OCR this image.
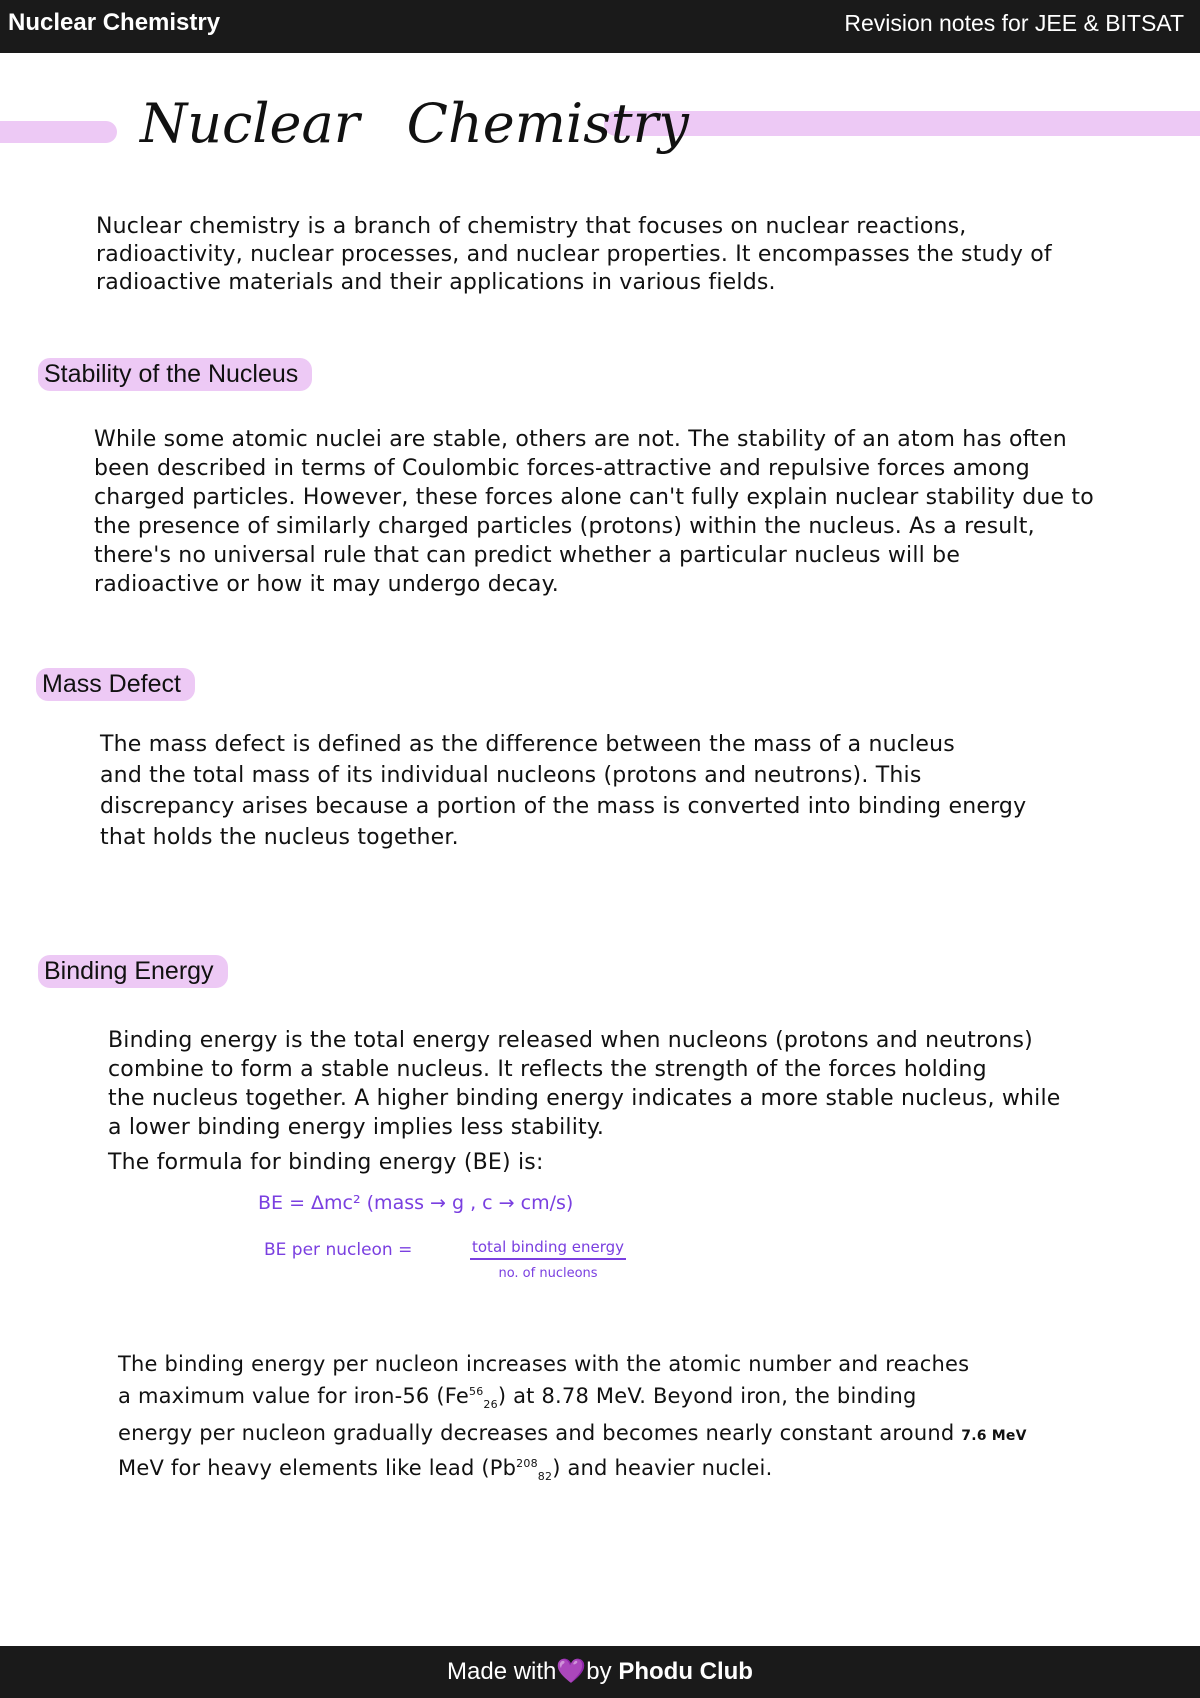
Nuclear Chemistry	Revision notes for JEE & BITSAT
Nuclear Chemistry
Nuclear chemistry is a branch of chemistry that focuses on nuclear reactions,
radioactivity, nuclear processes, and nuclear properties. It encompasses the study of
radioactive materials and their applications in various fields.
Stability of the Nucleus
While some atomic nuclei are stable, others are not. The stability of an atom has often
been described in terms of Coulombic forces-attractive and repulsive forces among
charged particles. However, these forces alone can't fully explain nuclear stability due to
the presence of similarly charged particles (protons) within the nucleus. As a result,
there's no universal rule that can predict whether a particular nucleus will be
radioactive or how it may undergo decay.
Mass Defect
The mass defect is defined as the difference between the mass of a nucleus
and the total mass of its individual nucleons (protons and neutrons). This
discrepancy arises because a portion of the mass is converted into binding energy
that holds the nucleus together.
Binding Energy
Binding energy is the total energy released when nucleons (protons and neutrons)
combine to form a stable nucleus. It reflects the strength of the forces holding
the nucleus together. A higher binding energy indicates a more stable nucleus, while
a lower binding energy implies less stability.
The formula for binding energy (BE) is:
BE = Δmc² (mass → g , c → cm/s)
BE per nucleon =	total binding energy
no. of nucleons
The binding energy per nucleon increases with the atomic number and reaches
a maximum value for iron-56 $(Fe^{56}_{26})$ at 8.78 MeV. Beyond iron, the binding
energy per nucleon gradually decreases and becomes nearly constant around 7.6 MeV
MeV for heavy elements like lead $(Pb^{208}_{82})$ and heavier nuclei.
Made with💜by Phodu Club
